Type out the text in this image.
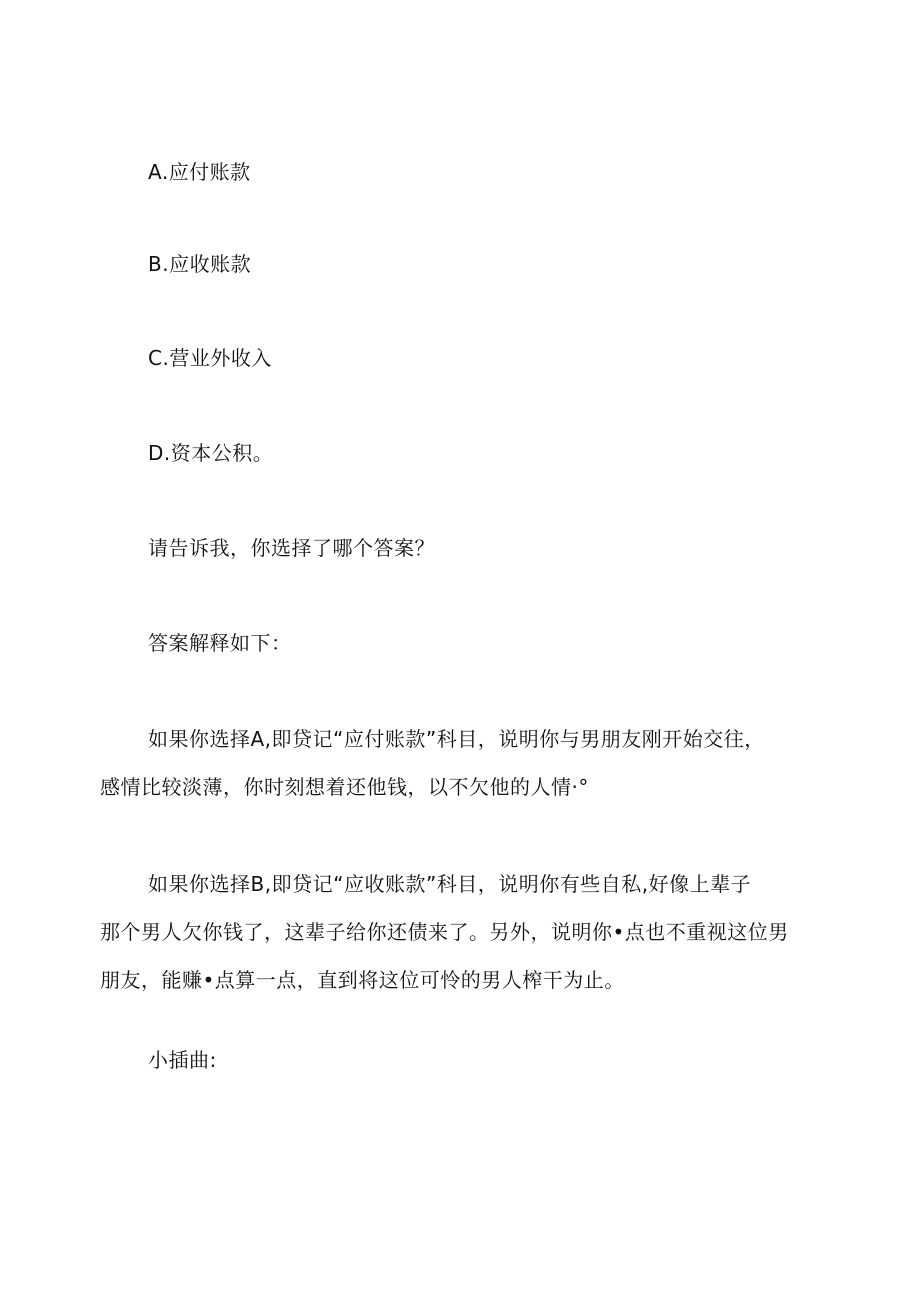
A.应付账款
B.应收账款
C.营业外收入
D.资本公积。
请告诉我，你选择了哪个答案？
答案解释如下：
如果你选择A,即贷记“应付账款”科目，说明你与男朋友刚开始交往，
感情比较淡薄，你时刻想着还他钱，以不欠他的人情·°
如果你选择B,即贷记“应收账款”科目，说明你有些自私,好像上辈子
那个男人欠你钱了，这辈子给你还债来了。另外，说明你•点也不重视这位男
朋友，能赚•点算一点，直到将这位可怜的男人榨干为止。
小插曲:
